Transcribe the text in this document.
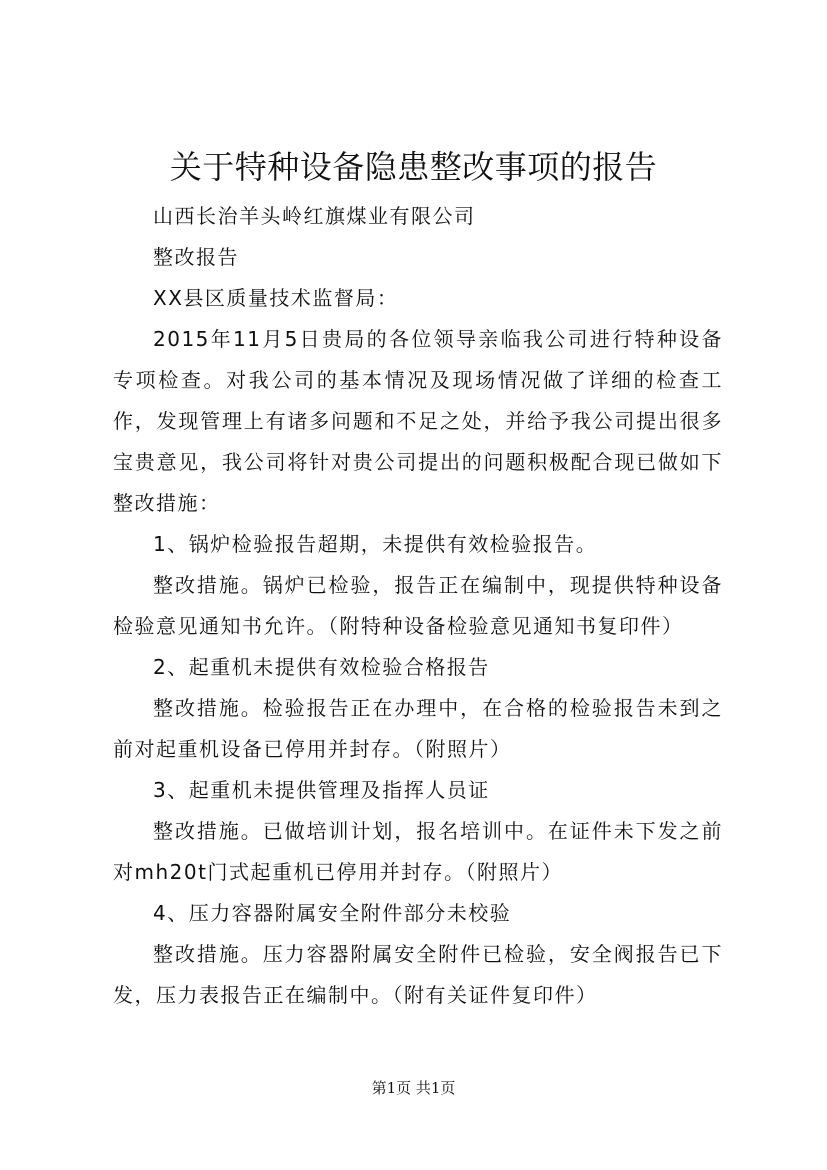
关于特种设备隐患整改事项的报告

山西长治羊头岭红旗煤业有限公司

整改报告

XX县区质量技术监督局：

2015年11月5日贵局的各位领导亲临我公司进行特种设备专项检查。对我公司的基本情况及现场情况做了详细的检查工作，发现管理上有诸多问题和不足之处，并给予我公司提出很多宝贵意见，我公司将针对贵公司提出的问题积极配合现已做如下整改措施：

1、锅炉检验报告超期，未提供有效检验报告。

整改措施。锅炉已检验，报告正在编制中，现提供特种设备检验意见通知书允许。（附特种设备检验意见通知书复印件）

2、起重机未提供有效检验合格报告

整改措施。检验报告正在办理中，在合格的检验报告未到之前对起重机设备已停用并封存。（附照片）

3、起重机未提供管理及指挥人员证

整改措施。已做培训计划，报名培训中。在证件未下发之前对mh20t门式起重机已停用并封存。（附照片）

4、压力容器附属安全附件部分未校验

整改措施。压力容器附属安全附件已检验，安全阀报告已下发，压力表报告正在编制中。（附有关证件复印件）

第1页 共1页
